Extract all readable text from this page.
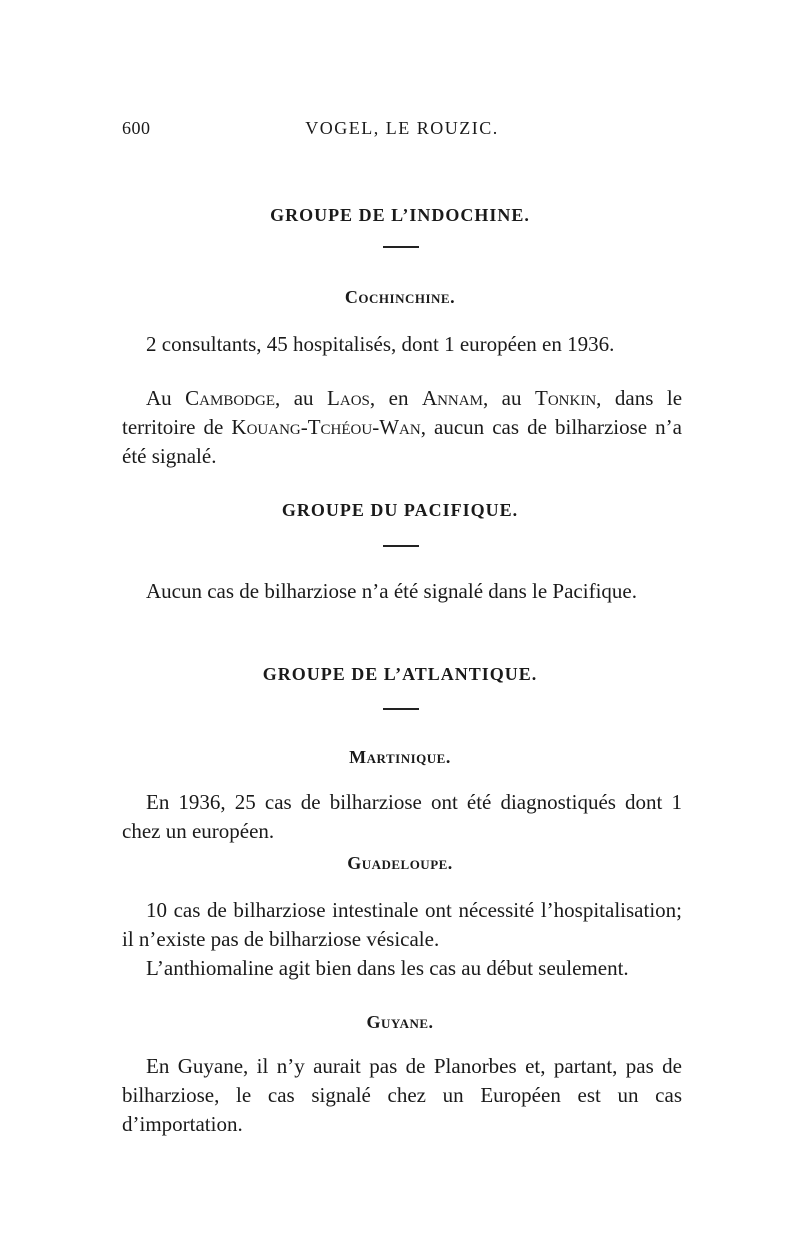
600	VOGEL, LE ROUZIC.
GROUPE DE L’INDOCHINE.
Cochinchine.
2 consultants, 45 hospitalisés, dont 1 européen en 1936.
Au Cambodge, au Laos, en Annam, au Tonkin, dans le territoire de Kouang-Tchéou-Wan, aucun cas de bilharziose n’a été signalé.
GROUPE DU PACIFIQUE.
Aucun cas de bilharziose n’a été signalé dans le Pacifique.
GROUPE DE L’ATLANTIQUE.
Martinique.
En 1936, 25 cas de bilharziose ont été diagnostiqués dont 1 chez un européen.
Guadeloupe.
10 cas de bilharziose intestinale ont nécessité l’hospitalisation; il n’existe pas de bilharziose vésicale.
L’anthiomaline agit bien dans les cas au début seulement.
Guyane.
En Guyane, il n’y aurait pas de Planorbes et, partant, pas de bilharziose, le cas signalé chez un Européen est un cas d’importation.
